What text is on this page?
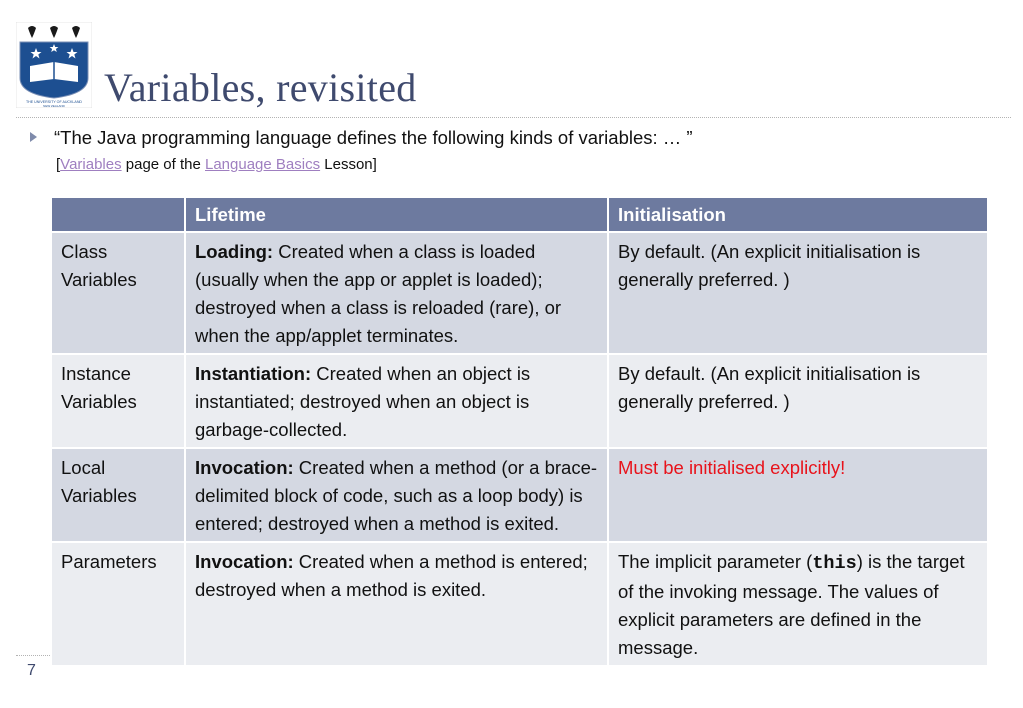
THE UNIVERSITY OF AUCKLAND
NEW ZEALAND Variables, revisited
“The Java programming language defines the following kinds of variables: … ”
[Variables page of the Language Basics Lesson]
	Lifetime	Initialisation
Class Variables	Loading: Created when a class is loaded (usually when the app or applet is loaded); destroyed when a class is reloaded (rare), or when the app/applet terminates.	By default. (An explicit initialisation is generally preferred. )
Instance Variables	Instantiation: Created when an object is instantiated; destroyed when an object is garbage-collected.	By default. (An explicit initialisation is generally preferred. )
Local Variables	Invocation: Created when a method (or a brace-delimited block of code, such as a loop body) is entered; destroyed when a method is exited.	Must be initialised explicitly!
Parameters	Invocation: Created when a method is entered; destroyed when a method is exited.	The implicit parameter (this) is the target of the invoking message. The values of explicit parameters are defined in the message.
7
